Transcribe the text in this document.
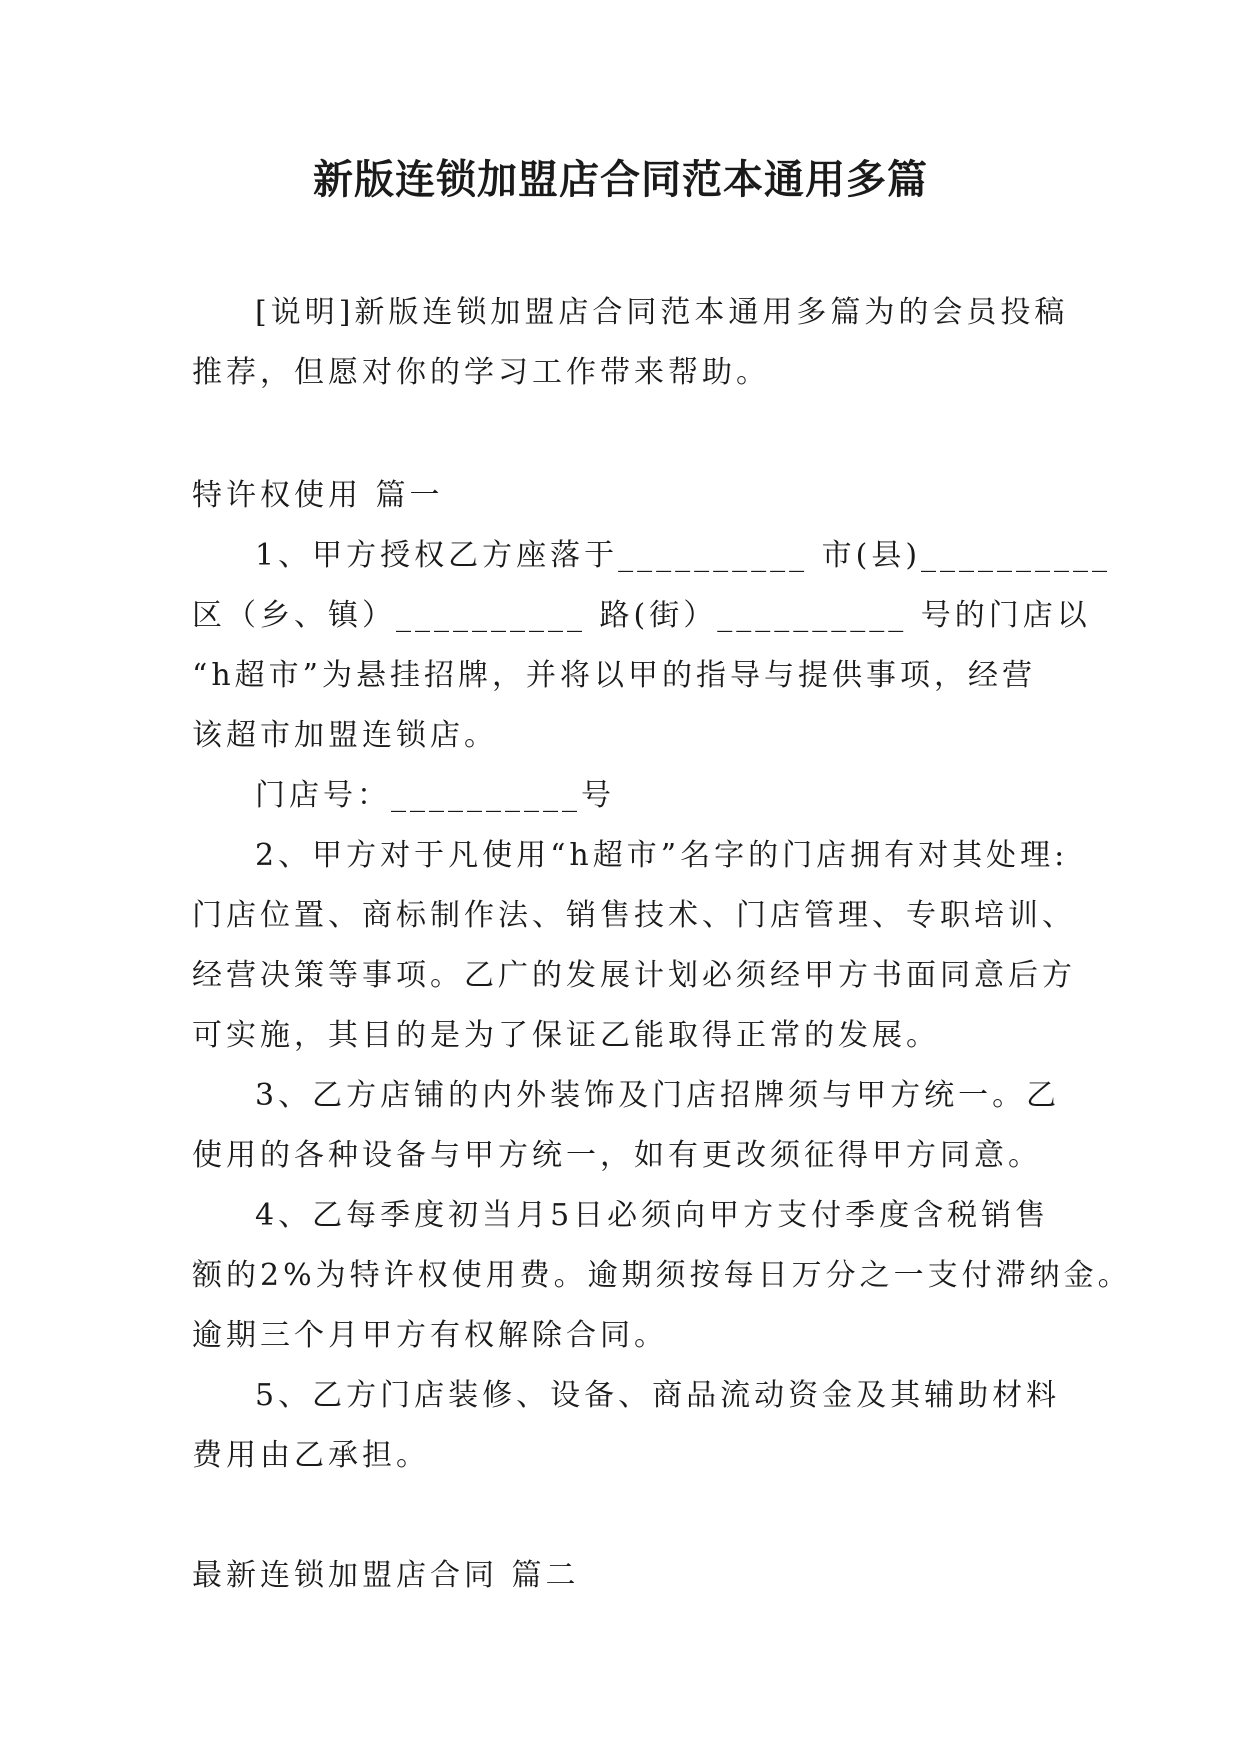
新版连锁加盟店合同范本通用多篇
[说明]新版连锁加盟店合同范本通用多篇为的会员投稿
推荐，但愿对你的学习工作带来帮助。
特许权使用 篇一
1、甲方授权乙方座落于__________ 市(县)__________
区（乡、镇）__________ 路(街）__________ 号的门店以
“h超市”为悬挂招牌，并将以甲的指导与提供事项，经营
该超市加盟连锁店。
门店号：__________号
2、甲方对于凡使用“h超市”名字的门店拥有对其处理:
门店位置、商标制作法、销售技术、门店管理、专职培训、
经营决策等事项。乙广的发展计划必须经甲方书面同意后方
可实施，其目的是为了保证乙能取得正常的发展。
3、乙方店铺的内外装饰及门店招牌须与甲方统一。乙
使用的各种设备与甲方统一，如有更改须征得甲方同意。
4、乙每季度初当月5日必须向甲方支付季度含税销售
额的2%为特许权使用费。逾期须按每日万分之一支付滞纳金。
逾期三个月甲方有权解除合同。
5、乙方门店装修、设备、商品流动资金及其辅助材料
费用由乙承担。
最新连锁加盟店合同 篇二
